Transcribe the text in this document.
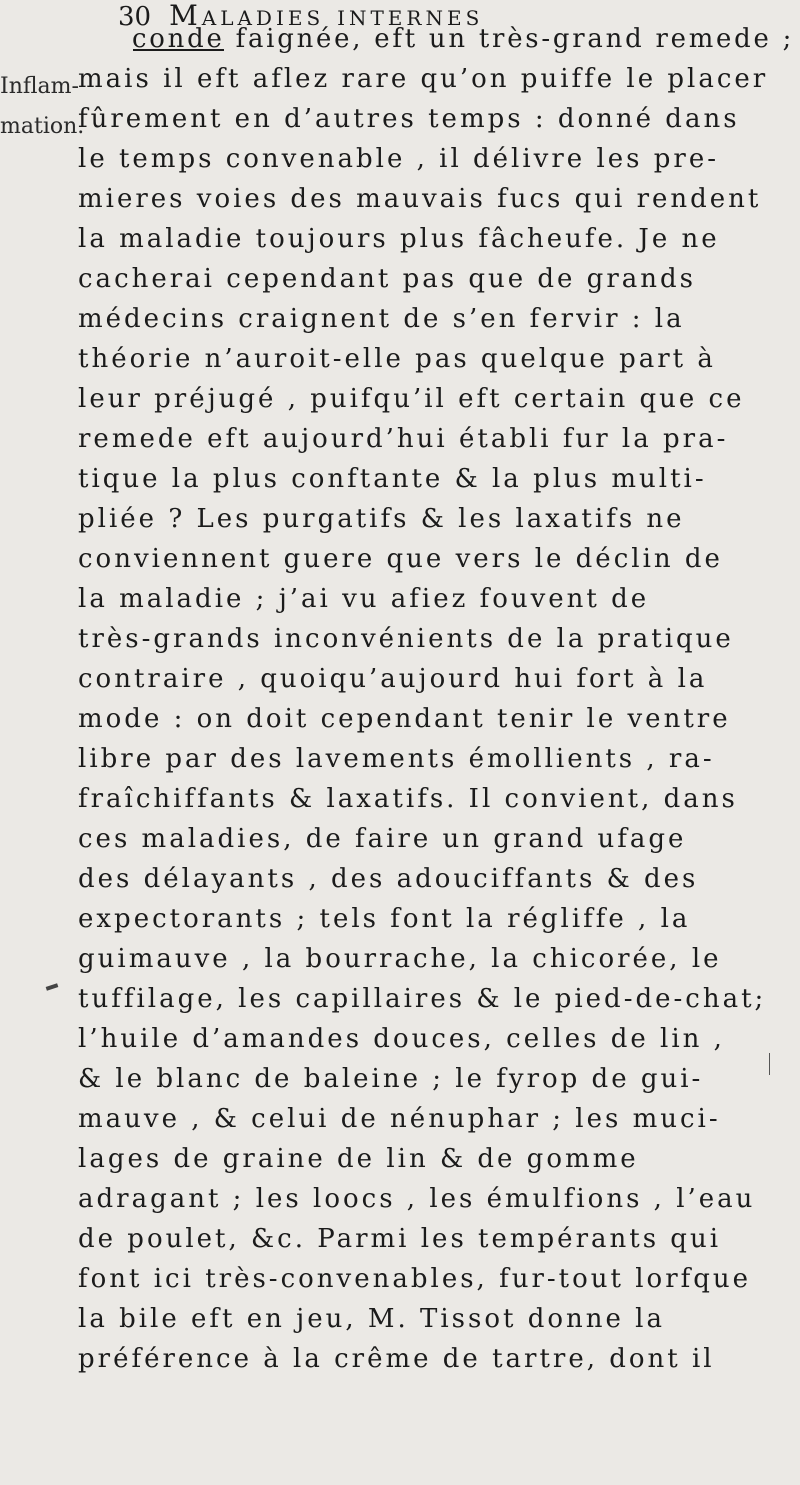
30 Maladies internes
Inflam-
mation.
conde faignée, eft un très-grand remede ;
mais il eft aflez rare qu’on puiffe le placer
fûrement en d’autres temps : donné dans
le temps convenable , il délivre les pre-
mieres voies des mauvais fucs qui rendent
la maladie toujours plus fâcheufe. Je ne
cacherai cependant pas que de grands
médecins craignent de s’en fervir : la
théorie n’auroit-elle pas quelque part à
leur préjugé , puifqu’il eft certain que ce
remede eft aujourd’hui établi fur la pra-
tique la plus conftante & la plus multi-
pliée ? Les purgatifs & les laxatifs ne
conviennent guere que vers le déclin de
la maladie ; j’ai vu afiez fouvent de
très-grands inconvénients de la pratique
contraire , quoiqu’aujourd hui fort à la
mode : on doit cependant tenir le ventre
libre par des lavements émollients , ra-
fraîchiffants & laxatifs. Il convient, dans
ces maladies, de faire un grand ufage
des délayants , des adouciffants & des
expectorants ; tels font la régliffe , la
guimauve , la bourrache, la chicorée, le
tuffilage, les capillaires & le pied-de-chat;
l’huile d’amandes douces, celles de lin ,
& le blanc de baleine ; le fyrop de gui-
mauve , & celui de nénuphar ; les muci-
lages de graine de lin & de gomme
adragant ; les loocs , les émulfions , l’eau
de poulet, &c. Parmi les tempérants qui
font ici très-convenables, fur-tout lorfque
la bile eft en jeu, M. Tissot donne la
préférence à la crême de tartre, dont il
